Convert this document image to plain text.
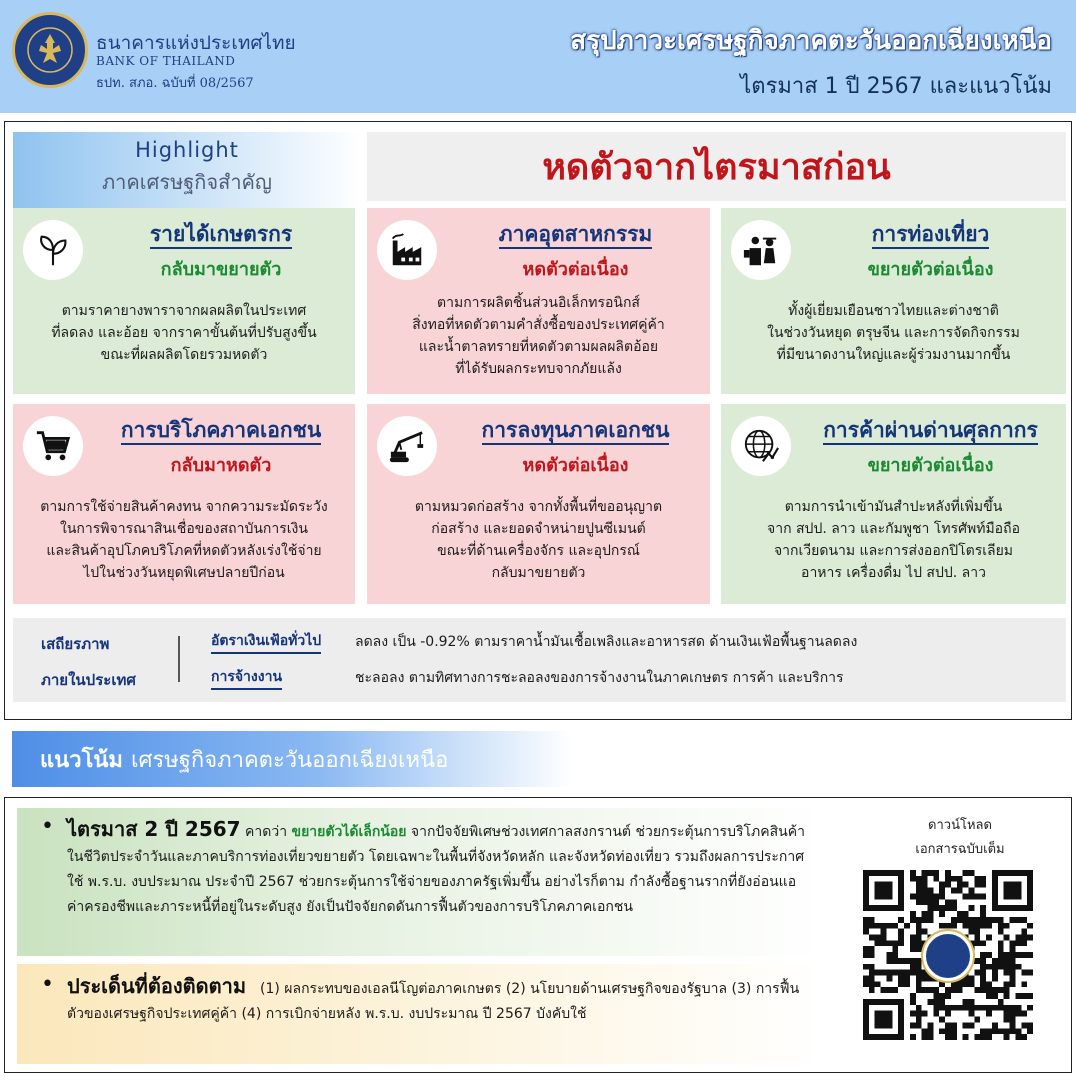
ธนาคารแห่งประเทศไทย
BANK OF THAILAND
ธปท. สภอ. ฉบับที่ 08/2567
สรุปภาวะเศรษฐกิจภาคตะวันออกเฉียงเหนือ
ไตรมาส 1 ปี 2567 และแนวโน้ม
Highlight
ภาคเศรษฐกิจสำคัญ	หดตัวจากไตรมาสก่อน
รายได้เกษตรกร
กลับมาขยายตัว
ตามราคายางพาราจากผลผลิตในประเทศ
ที่ลดลง และอ้อย จากราคาขั้นต้นที่ปรับสูงขึ้น
ขณะที่ผลผลิตโดยรวมหดตัว
ภาคอุตสาหกรรม
หดตัวต่อเนื่อง
ตามการผลิตชิ้นส่วนอิเล็กทรอนิกส์
สิ่งทอที่หดตัวตามคำสั่งซื้อของประเทศคู่ค้า
และน้ำตาลทรายที่หดตัวตามผลผลิตอ้อย
ที่ได้รับผลกระทบจากภัยแล้ง
การท่องเที่ยว
ขยายตัวต่อเนื่อง
ทั้งผู้เยี่ยมเยือนชาวไทยและต่างชาติ
ในช่วงวันหยุด ตรุษจีน และการจัดกิจกรรม
ที่มีขนาดงานใหญ่และผู้ร่วมงานมากขึ้น
การบริโภคภาคเอกชน
กลับมาหดตัว
ตามการใช้จ่ายสินค้าคงทน จากความระมัดระวัง
ในการพิจารณาสินเชื่อของสถาบันการเงิน
และสินค้าอุปโภคบริโภคที่หดตัวหลังเร่งใช้จ่าย
ไปในช่วงวันหยุดพิเศษปลายปีก่อน
การลงทุนภาคเอกชน
หดตัวต่อเนื่อง
ตามหมวดก่อสร้าง จากทั้งพื้นที่ขออนุญาต
ก่อสร้าง และยอดจำหน่ายปูนซีเมนต์
ขณะที่ด้านเครื่องจักร และอุปกรณ์
กลับมาขยายตัว
การค้าผ่านด่านศุลกากร
ขยายตัวต่อเนื่อง
ตามการนำเข้ามันสำปะหลังที่เพิ่มขึ้น
จาก สปป. ลาว และกัมพูชา โทรศัพท์มือถือ
จากเวียดนาม และการส่งออกปิโตรเลียม
อาหาร เครื่องดื่ม ไป สปป. ลาว
เสถียรภาพ
ภายในประเทศ
อัตราเงินเฟ้อทั่วไป ลดลง เป็น -0.92% ตามราคาน้ำมันเชื้อเพลิงและอาหารสด ด้านเงินเฟ้อพื้นฐานลดลง
การจ้างงาน	ชะลอลง ตามทิศทางการชะลอลงของการจ้างงานในภาคเกษตร การค้า และบริการ
แนวโน้ม เศรษฐกิจภาคตะวันออกเฉียงเหนือ
• ไตรมาส 2 ปี 2567 คาดว่า ขยายตัวได้เล็กน้อย จากปัจจัยพิเศษช่วงเทศกาลสงกรานต์ ช่วยกระตุ้นการบริโภคสินค้าในชีวิตประจำวันและภาคบริการท่องเที่ยวขยายตัว โดยเฉพาะในพื้นที่จังหวัดหลัก และจังหวัดท่องเที่ยว รวมถึงผลการประกาศใช้ พ.ร.บ. งบประมาณ ประจำปี 2567 ช่วยกระตุ้นการใช้จ่ายของภาครัฐเพิ่มขึ้น อย่างไรก็ตาม กำลังซื้อฐานรากที่ยังอ่อนแอ ค่าครองชีพและภาระหนี้ที่อยู่ในระดับสูง ยังเป็นปัจจัยกดดันการฟื้นตัวของการบริโภคภาคเอกชน
• ประเด็นที่ต้องติดตาม (1) ผลกระทบของเอลนีโญต่อภาคเกษตร (2) นโยบายด้านเศรษฐกิจของรัฐบาล (3) การฟื้นตัวของเศรษฐกิจประเทศคู่ค้า (4) การเบิกจ่ายหลัง พ.ร.บ. งบประมาณ ปี 2567 บังคับใช้
ดาวน์โหลด
เอกสารฉบับเต็ม
